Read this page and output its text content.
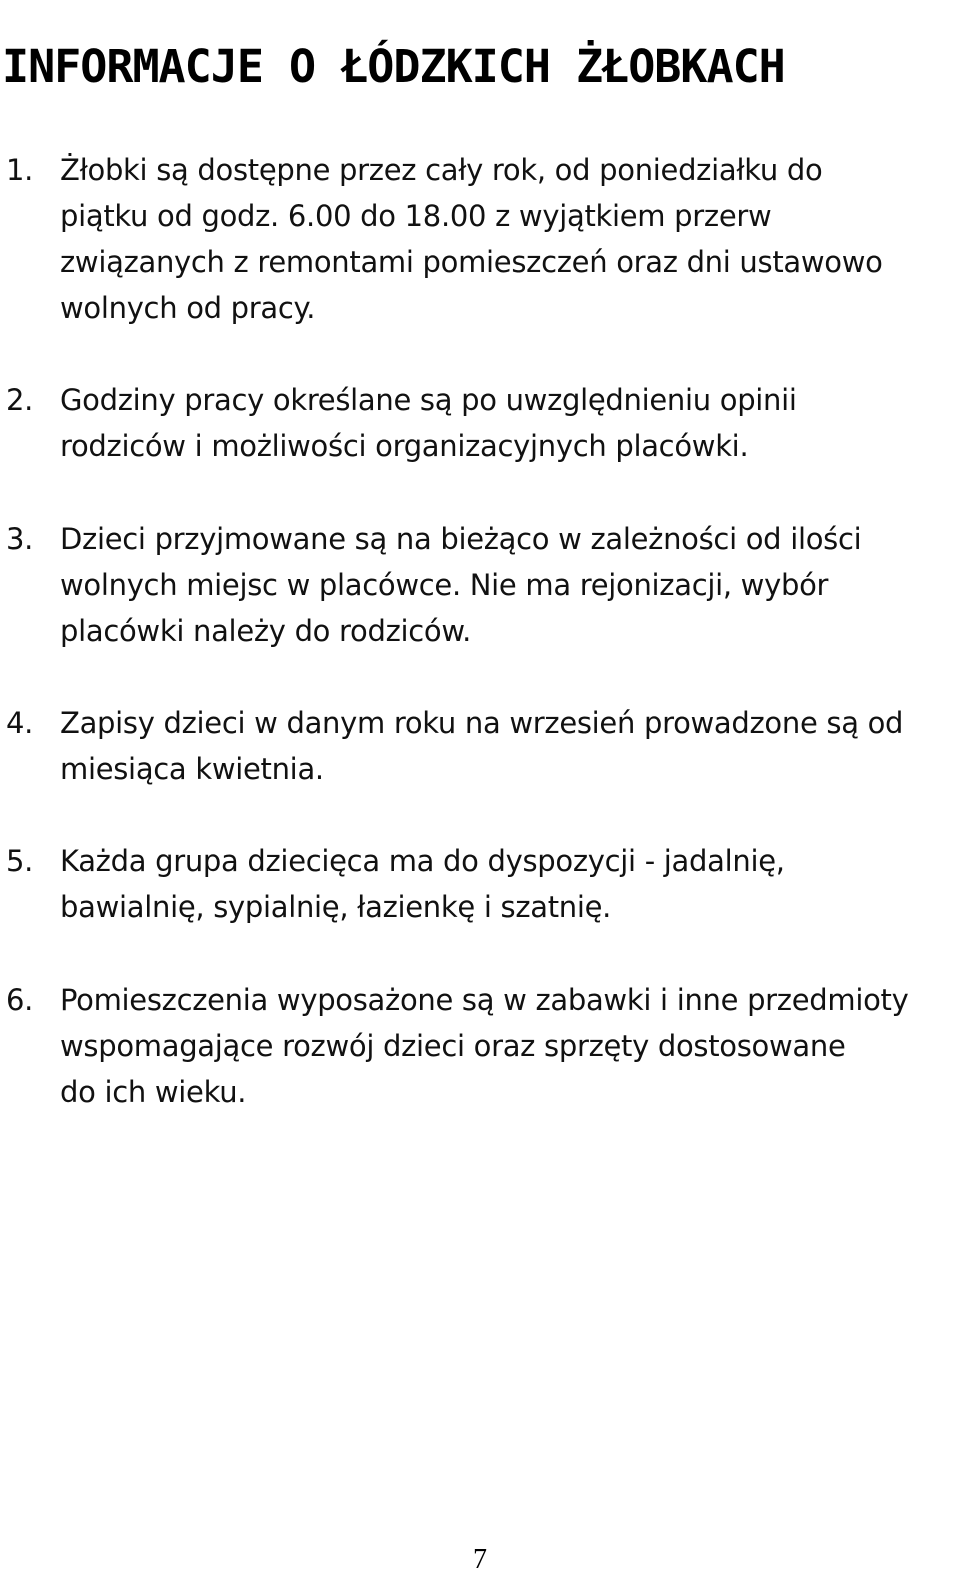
INFORMACJE O ŁÓDZKICH ŻŁOBKACH
1. Żłobki są dostępne przez cały rok, od poniedziałku do
piątku od godz. 6.00 do 18.00 z wyjątkiem przerw
związanych z remontami pomieszczeń oraz dni ustawowo
wolnych od pracy.
2. Godziny pracy określane są po uwzględnieniu opinii
rodziców i możliwości organizacyjnych placówki.
3. Dzieci przyjmowane są na bieżąco w zależności od ilości
wolnych miejsc w placówce. Nie ma rejonizacji, wybór
placówki należy do rodziców.
4. Zapisy dzieci w danym roku na wrzesień prowadzone są od
miesiąca kwietnia.
5. Każda grupa dziecięca ma do dyspozycji - jadalnię,
bawialnię, sypialnię, łazienkę i szatnię.
6. Pomieszczenia wyposażone są w zabawki i inne przedmioty
wspomagające rozwój dzieci oraz sprzęty dostosowane
do ich wieku.
7
